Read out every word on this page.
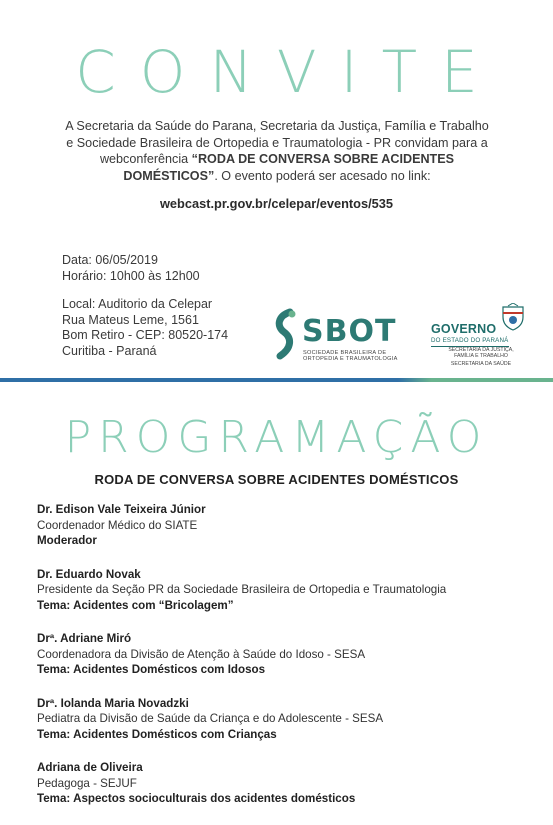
CONVITE
A Secretaria da Saúde do Parana, Secretaria da Justiça, Família e Trabalho e Sociedade Brasileira de Ortopedia e Traumatologia - PR convidam para a webconferência “RODA DE CONVERSA SOBRE ACIDENTES DOMÉSTICOS”. O evento poderá ser acesado no link:
webcast.pr.gov.br/celepar/eventos/535
Data: 06/05/2019
Horário: 10h00 às 12h00
Local: Auditorio da Celepar
Rua Mateus Leme, 1561
Bom Retiro - CEP: 80520-174
Curitiba - Paraná
SBOT
SOCIEDADE BRASILEIRA DE
ORTOPEDIA E TRAUMATOLOGIA
GOVERNO
DO ESTADO DO PARANÁ
SECRETARIA DA JUSTIÇA,
FAMÍLIA E TRABALHO
SECRETARIA DA SAÚDE
PROGRAMAÇÃO
RODA DE CONVERSA SOBRE ACIDENTES DOMÉSTICOS
Dr. Edison Vale Teixeira Júnior
Coordenador Médico do SIATE
Moderador
Dr. Eduardo Novak
Presidente da Seção PR da Sociedade Brasileira de Ortopedia e Traumatologia
Tema: Acidentes com “Bricolagem”
Drª. Adriane Miró
Coordenadora da Divisão de Atenção à Saúde do Idoso - SESA
Tema: Acidentes Domésticos com Idosos
Drª. Iolanda Maria Novadzki
Pediatra da Divisão de Saúde da Criança e do Adolescente - SESA
Tema: Acidentes Domésticos com Crianças
Adriana de Oliveira
Pedagoga - SEJUF
Tema: Aspectos socioculturais dos acidentes domésticos
